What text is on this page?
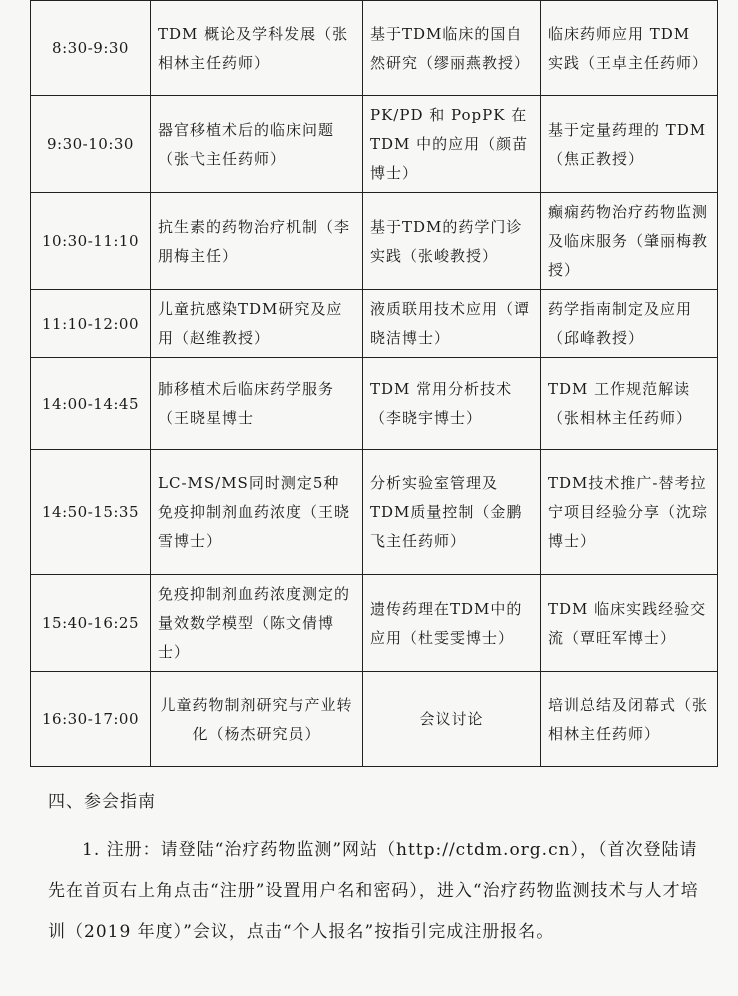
8:30-9:30	TDM 概论及学科发展（张相林主任药师）	基于TDM临床的国自然研究（缪丽燕教授）	临床药师应用 TDM 实践（王卓主任药师）
9:30-10:30	器官移植术后的临床问题（张弋主任药师）	PK/PD 和 PopPK 在 TDM 中的应用（颜苗博士）	基于定量药理的 TDM（焦正教授）
10:30-11:10	抗生素的药物治疗机制（李朋梅主任）	基于TDM的药学门诊实践（张峻教授）	癫痫药物治疗药物监测及临床服务（肇丽梅教授）
11:10-12:00	儿童抗感染TDM研究及应用（赵维教授）	液质联用技术应用（谭晓洁博士）	药学指南制定及应用（邱峰教授）
14:00-14:45	肺移植术后临床药学服务（王晓星博士	TDM 常用分析技术（李晓宇博士）	TDM 工作规范解读（张相林主任药师）
14:50-15:35	LC-MS/MS同时测定5种免疫抑制剂血药浓度（王晓雪博士）	分析实验室管理及TDM质量控制（金鹏飞主任药师）	TDM技术推广-替考拉宁项目经验分享（沈琮博士）
15:40-16:25	免疫抑制剂血药浓度测定的量效数学模型（陈文倩博士）	遗传药理在TDM中的应用（杜雯雯博士）	TDM 临床实践经验交流（覃旺军博士）
16:30-17:00	儿童药物制剂研究与产业转化（杨杰研究员）	会议讨论	培训总结及闭幕式（张相林主任药师）
四、参会指南
1. 注册：请登陆“治疗药物监测”网站（http://ctdm.org.cn），（首次登陆请先在首页右上角点击“注册”设置用户名和密码），进入“治疗药物监测技术与人才培训（2019 年度）”会议，点击“个人报名”按指引完成注册报名。
